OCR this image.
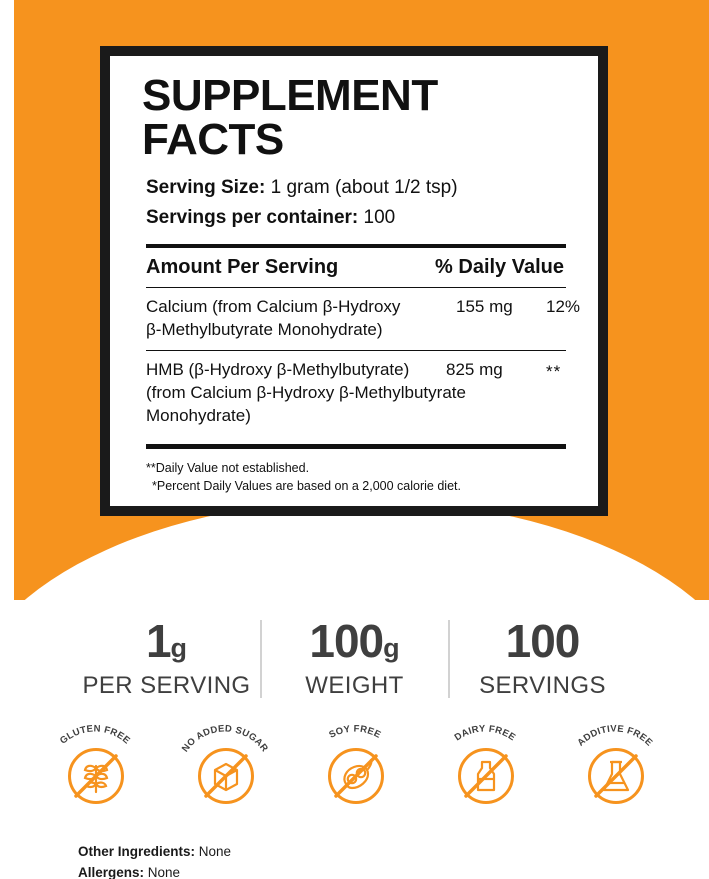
SUPPLEMENT FACTS
Serving Size: 1 gram (about 1/2 tsp)
Servings per container: 100
Amount Per Serving	% Daily Value
Calcium (from Calcium β-Hydroxy
β-Methylbutyrate Monohydrate)
155 mg 12%
HMB (β-Hydroxy β-Methylbutyrate)
(from Calcium β-Hydroxy β-Methylbutyrate Monohydrate)
825 mg	**
**Daily Value not established.
*Percent Daily Values are based on a 2,000 calorie diet.
1g
PER SERVING
100g
WEIGHT
100
SERVINGS
GLUTEN FREE
NO ADDED SUGAR
SOY FREE	DAIRY FREE	ADDITIVE FREE
Other Ingredients: None
Allergens: None
